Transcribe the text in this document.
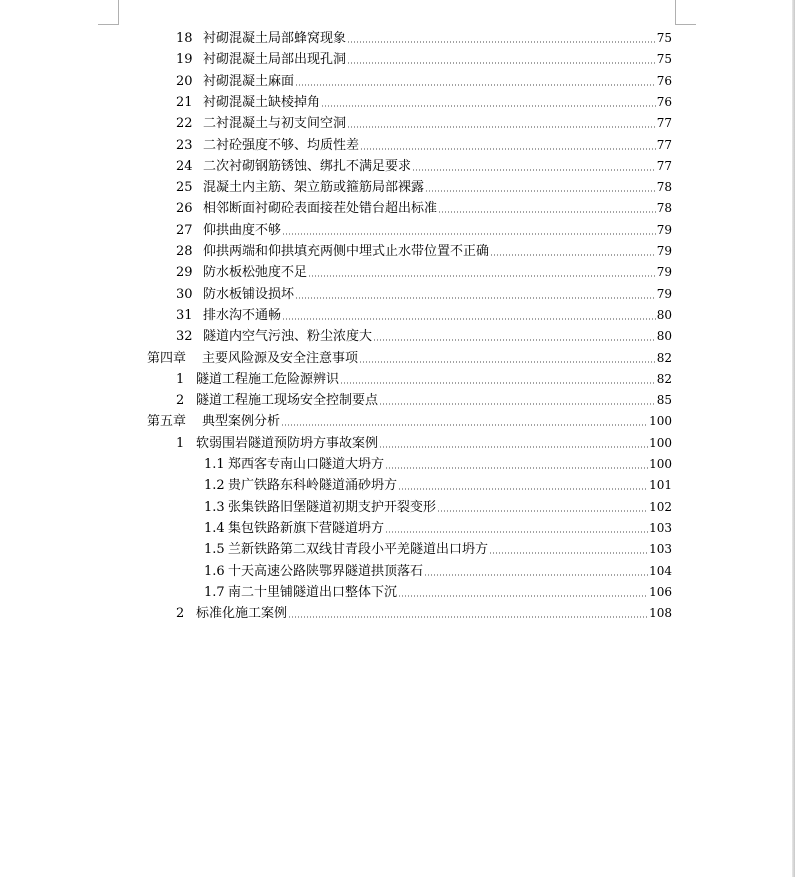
18 衬砌混凝土局部蜂窝现象	75
19 衬砌混凝土局部出现孔洞	75
20 衬砌混凝土麻面	76
21 衬砌混凝土缺棱掉角	76
22 二衬混凝土与初支间空洞	77
23 二衬砼强度不够、均质性差	77
24 二次衬砌钢筋锈蚀、绑扎不满足要求	77
25 混凝土内主筋、架立筋或箍筋局部裸露	78
26 相邻断面衬砌砼表面接茬处错台超出标准	78
27 仰拱曲度不够	79
28 仰拱两端和仰拱填充两侧中埋式止水带位置不正确	79
29 防水板松弛度不足	79
30 防水板铺设损坏	79
31 排水沟不通畅	80
32 隧道内空气污浊、粉尘浓度大	80
第四章	主要风险源及安全注意事项	82
1 隧道工程施工危险源辨识	82
2 隧道工程施工现场安全控制要点	85
第五章	典型案例分析	100
1 软弱围岩隧道预防坍方事故案例	100
1.1 郑西客专南山口隧道大坍方	100
1.2 贵广铁路东科岭隧道涌砂坍方	101
1.3 张集铁路旧堡隧道初期支护开裂变形	102
1.4 集包铁路新旗下营隧道坍方	103
1.5 兰新铁路第二双线甘青段小平羌隧道出口坍方	103
1.6 十天高速公路陕鄂界隧道拱顶落石	104
1.7 南二十里铺隧道出口整体下沉	106
2 标准化施工案例	108
